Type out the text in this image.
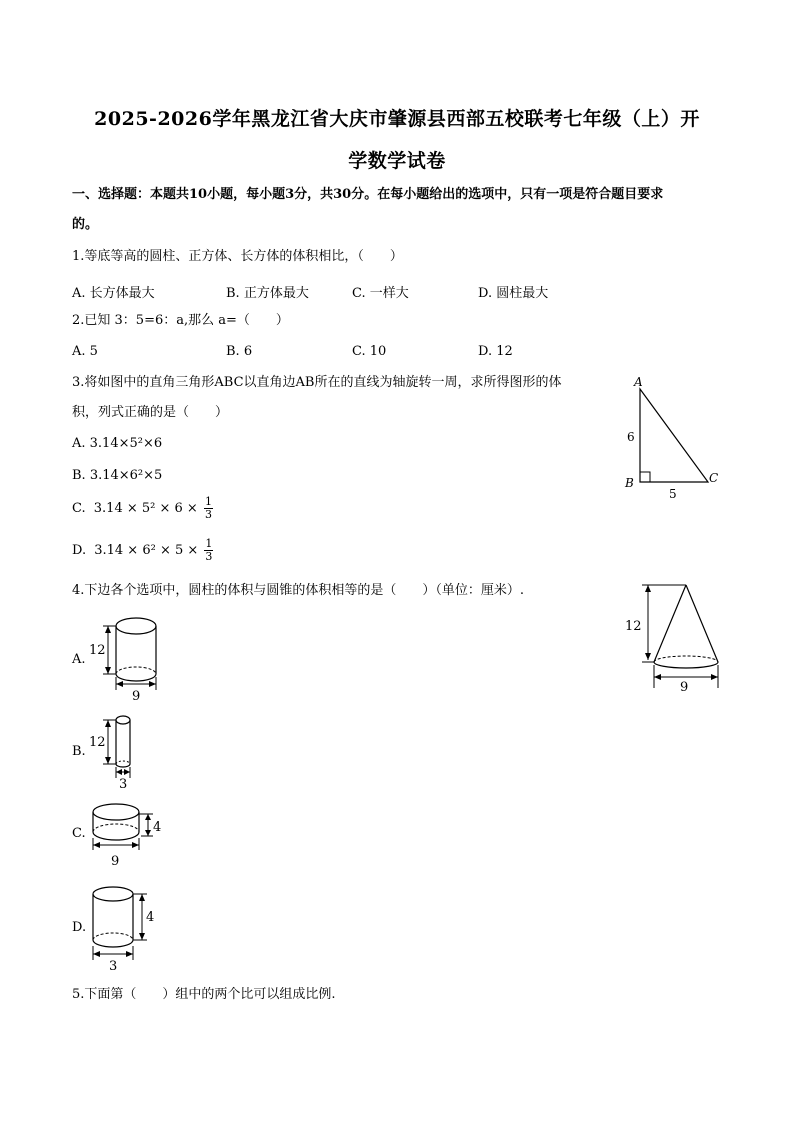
2025-2026学年黑龙江省大庆市肇源县西部五校联考七年级（上）开
学数学试卷
一、选择题：本题共10小题，每小题3分，共30分。在每小题给出的选项中，只有一项是符合题目要求
的。
1.等底等高的圆柱、正方体、长方体的体积相比，（　　）
A. 长方体最大	B. 正方体最大	C. 一样大	D. 圆柱最大
2.已知 3：5=6：a,那么 a=（　　）
A. 5	B. 6	C. 10	D. 12
3.将如图中的直角三角形ABC以直角边AB所在的直线为轴旋转一周，求所得图形的体
积，列式正确的是（　　）
A. 3.14×5²×6
B. 3.14×6²×5
C. $3.14 \times 5^2 \times 6 \times \frac{1}{3}$
D. $3.14 \times 6^2 \times 5 \times \frac{1}{3}$
A
B	C
6
5
4.下边各个选项中，圆柱的体积与圆锥的体积相等的是（　　）（单位：厘米）.
12
9
A.
12
9
B.
12
3
C.	4
9
D.
4
3
5.下面第（　　）组中的两个比可以组成比例.
